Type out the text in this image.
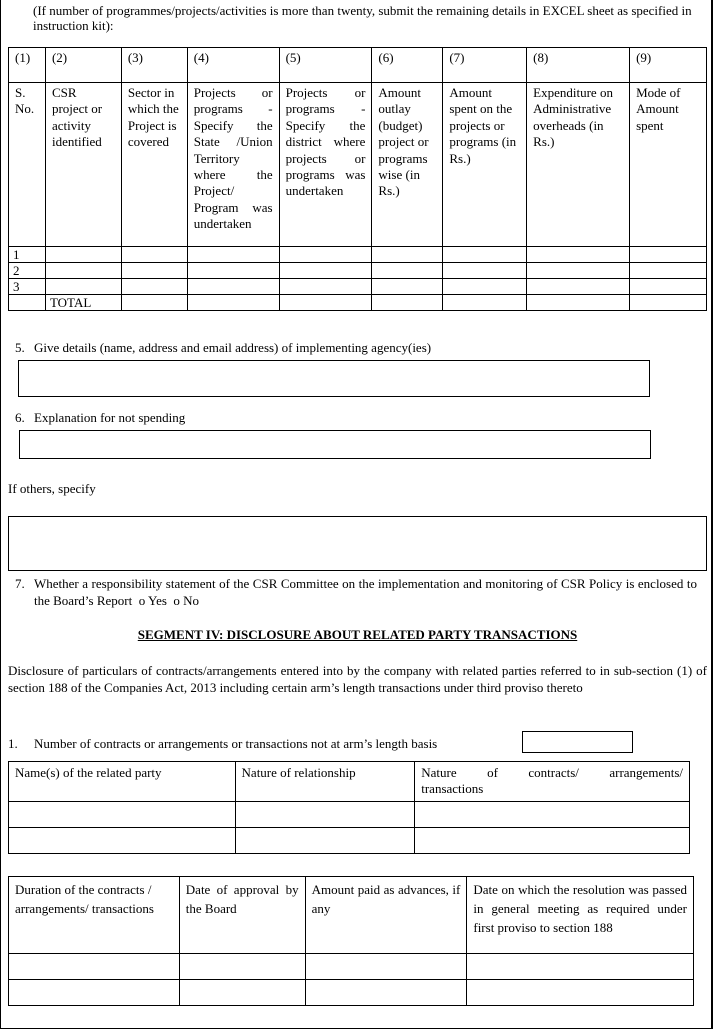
(If number of programmes/projects/activities is more than twenty, submit the remaining details in EXCEL sheet as specified in instruction kit):
(1)	(2)	(3)	(4)	(5)	(6)	(7)	(8)	(9)
S. No.	CSR project or activity identified	Sector in which the Project is covered	Projects or programs - Specify the State /Union Territory where the Project/ Program was undertaken	Projects or programs - Specify the district where projects or programs was undertaken	Amount outlay (budget) project or programs wise (in Rs.)	Amount spent on the projects or programs (in Rs.)	Expenditure on Administrative overheads (in Rs.)	Mode of Amount spent
1								
2								
3								
	TOTAL							
5. Give details (name, address and email address) of implementing agency(ies)
6. Explanation for not spending
If others, specify
7. Whether a responsibility statement of the CSR Committee on the implementation and monitoring of CSR Policy is enclosed to the Board’s Report o Yes o No
SEGMENT IV: DISCLOSURE ABOUT RELATED PARTY TRANSACTIONS
Disclosure of particulars of contracts/arrangements entered into by the company with related parties referred to in sub-section (1) of section 188 of the Companies Act, 2013 including certain arm’s length transactions under third proviso thereto
1. Number of contracts or arrangements or transactions not at arm’s length basis
Name(s) of the related party	Nature of relationship	Nature of contracts/ arrangements/
transactions

Duration of the contracts / arrangements/ transactions	Date of approval by the Board	Amount paid as advances, if any	Date on which the resolution was passed in general meeting as required under first proviso to section 188
